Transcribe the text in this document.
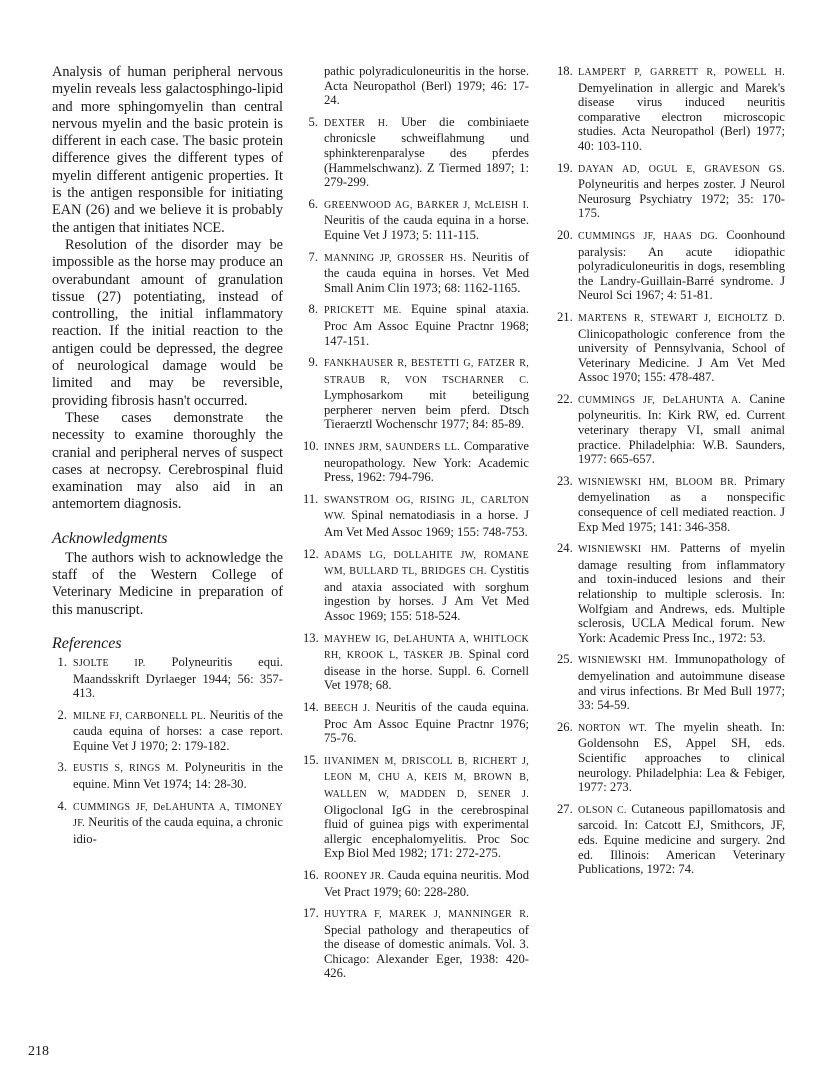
Analysis of human peripheral nervous myelin reveals less galactosphingo-lipid and more sphingomyelin than central nervous myelin and the basic protein is different in each case. The basic protein difference gives the different types of myelin different antigenic properties. It is the antigen responsible for initiating EAN (26) and we believe it is probably the antigen that initiates NCE.

Resolution of the disorder may be impossible as the horse may produce an overabundant amount of granulation tissue (27) potentiating, instead of controlling, the initial inflammatory reaction. If the initial reaction to the antigen could be depressed, the degree of neurological damage would be limited and may be reversible, providing fibrosis hasn't occurred.

These cases demonstrate the necessity to examine thoroughly the cranial and peripheral nerves of suspect cases at necropsy. Cerebrospinal fluid examination may also aid in an antemortem diagnosis.

Acknowledgments

The authors wish to acknowledge the staff of the Western College of Veterinary Medicine in preparation of this manuscript.

References
1. SJOLTE IP. Polyneuritis equi. Maandsskrift Dyrlaeger 1944; 56: 357-413.
2. MILNE FJ, CARBONELL PL. Neuritis of the cauda equina of horses: a case report. Equine Vet J 1970; 2: 179-182.
3. EUSTIS S, RINGS M. Polyneuritis in the equine. Minn Vet 1974; 14: 28-30.
4. CUMMINGS JF, DeLAHUNTA A, TIMONEY JF. Neuritis of the cauda equina, a chronic idio-
pathic polyradiculoneuritis in the horse. Acta Neuropathol (Berl) 1979; 46: 17-24.
5. DEXTER H. Uber die combiniaete chronicsle schweiflahmung und sphinkterenparalyse des pferdes (Hammelschwanz). Z Tiermed 1897; 1: 279-299.
6. GREENWOOD AG, BARKER J, McLEISH I. Neuritis of the cauda equina in a horse. Equine Vet J 1973; 5: 111-115.
7. MANNING JP, GROSSER HS. Neuritis of the cauda equina in horses. Vet Med Small Anim Clin 1973; 68: 1162-1165.
8. PRICKETT ME. Equine spinal ataxia. Proc Am Assoc Equine Practnr 1968; 147-151.
9. FANKHAUSER R, BESTETTI G, FATZER R, STRAUB R, VON TSCHARNER C. Lymphosarkom mit beteiligung perpherer nerven beim pferd. Dtsch Tieraerztl Wochenschr 1977; 84: 85-89.
10. INNES JRM, SAUNDERS LL. Comparative neuropathology. New York: Academic Press, 1962: 794-796.
11. SWANSTROM OG, RISING JL, CARLTON WW. Spinal nematodiasis in a horse. J Am Vet Med Assoc 1969; 155: 748-753.
12. ADAMS LG, DOLLAHITE JW, ROMANE WM, BULLARD TL, BRIDGES CH. Cystitis and ataxia associated with sorghum ingestion by horses. J Am Vet Med Assoc 1969; 155: 518-524.
13. MAYHEW IG, DeLAHUNTA A, WHITLOCK RH, KROOK L, TASKER JB. Spinal cord disease in the horse. Suppl. 6. Cornell Vet 1978; 68.
14. BEECH J. Neuritis of the cauda equina. Proc Am Assoc Equine Practnr 1976; 75-76.
15. IIVANIMEN M, DRISCOLL B, RICHERT J, LEON M, CHU A, KEIS M, BROWN B, WALLEN W, MADDEN D, SENER J. Oligoclonal IgG in the cerebrospinal fluid of guinea pigs with experimental allergic encephalomyelitis. Proc Soc Exp Biol Med 1982; 171: 272-275.
16. ROONEY JR. Cauda equina neuritis. Mod Vet Pract 1979; 60: 228-280.
17. HUYTRA F, MAREK J, MANNINGER R. Special pathology and therapeutics of the disease of domestic animals. Vol. 3. Chicago: Alexander Eger, 1938: 420-426.
18. LAMPERT P, GARRETT R, POWELL H. Demyelination in allergic and Marek's disease virus induced neuritis comparative electron microscopic studies. Acta Neuropathol (Berl) 1977; 40: 103-110.
19. DAYAN AD, OGUL E, GRAVESON GS. Polyneuritis and herpes zoster. J Neurol Neurosurg Psychiatry 1972; 35: 170-175.
20. CUMMINGS JF, HAAS DG. Coonhound paralysis: An acute idiopathic polyradiculoneuritis in dogs, resembling the Landry-Guillain-Barré syndrome. J Neurol Sci 1967; 4: 51-81.
21. MARTENS R, STEWART J, EICHOLTZ D. Clinicopathologic conference from the university of Pennsylvania, School of Veterinary Medicine. J Am Vet Med Assoc 1970; 155: 478-487.
22. CUMMINGS JF, DeLAHUNTA A. Canine polyneuritis. In: Kirk RW, ed. Current veterinary therapy VI, small animal practice. Philadelphia: W.B. Saunders, 1977: 665-657.
23. WISNIEWSKI HM, BLOOM BR. Primary demyelination as a nonspecific consequence of cell mediated reaction. J Exp Med 1975; 141: 346-358.
24. WISNIEWSKI HM. Patterns of myelin damage resulting from inflammatory and toxin-induced lesions and their relationship to multiple sclerosis. In: Wolfgiam and Andrews, eds. Multiple sclerosis, UCLA Medical forum. New York: Academic Press Inc., 1972: 53.
25. WISNIEWSKI HM. Immunopathology of demyelination and autoimmune disease and virus infections. Br Med Bull 1977; 33: 54-59.
26. NORTON WT. The myelin sheath. In: Goldensohn ES, Appel SH, eds. Scientific approaches to clinical neurology. Philadelphia: Lea & Febiger, 1977: 273.
27. OLSON C. Cutaneous papillomatosis and sarcoid. In: Catcott EJ, Smithcors, JF, eds. Equine medicine and surgery. 2nd ed. Illinois: American Veterinary Publications, 1972: 74.
218
